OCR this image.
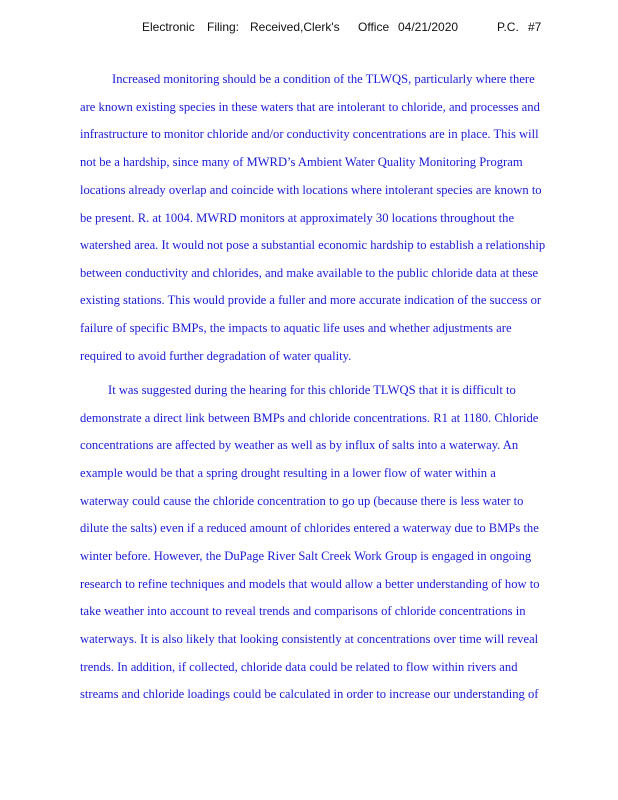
Electronic Filing: Received,Clerk's Office 04/21/2020	P.C. #7
Increased monitoring should be a condition of the TLWQS, particularly where there
are known existing species in these waters that are intolerant to chloride, and processes and
infrastructure to monitor chloride and/or conductivity concentrations are in place. This will
not be a hardship, since many of MWRD’s Ambient Water Quality Monitoring Program
locations already overlap and coincide with locations where intolerant species are known to
be present. R. at 1004. MWRD monitors at approximately 30 locations throughout the
watershed area. It would not pose a substantial economic hardship to establish a relationship
between conductivity and chlorides, and make available to the public chloride data at these
existing stations. This would provide a fuller and more accurate indication of the success or
failure of specific BMPs, the impacts to aquatic life uses and whether adjustments are
required to avoid further degradation of water quality.
It was suggested during the hearing for this chloride TLWQS that it is difficult to
demonstrate a direct link between BMPs and chloride concentrations. R1 at 1180. Chloride
concentrations are affected by weather as well as by influx of salts into a waterway. An
example would be that a spring drought resulting in a lower flow of water within a
waterway could cause the chloride concentration to go up (because there is less water to
dilute the salts) even if a reduced amount of chlorides entered a waterway due to BMPs the
winter before. However, the DuPage River Salt Creek Work Group is engaged in ongoing
research to refine techniques and models that would allow a better understanding of how to
take weather into account to reveal trends and comparisons of chloride concentrations in
waterways. It is also likely that looking consistently at concentrations over time will reveal
trends. In addition, if collected, chloride data could be related to flow within rivers and
streams and chloride loadings could be calculated in order to increase our understanding of
